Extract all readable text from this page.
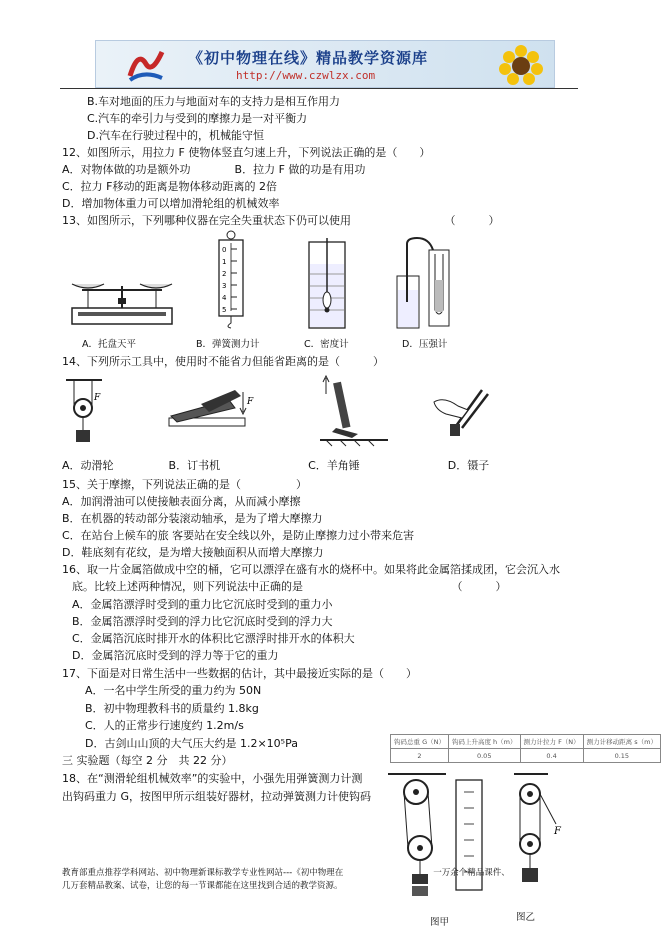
《初中物理在线》精品教学资源库
http://www.czwlzx.com
B.车对地面的压力与地面对车的支持力是相互作用力
C.汽车的牵引力与受到的摩擦力是一对平衡力
D.汽车在行驶过程中的，机械能守恒
12、如图所示，用拉力 F 使物体竖直匀速上升，下列说法正确的是（　　）
A．对物体做的功是额外功　　　　B．拉力 F 做的功是有用功
C．拉力 F移动的距离是物体移动距离的 2倍
D．增加物体重力可以增加滑轮组的机械效率
13、如图所示，下列哪种仪器在完全失重状态下仍可以使用　　　　　　　　　（　　　）
14、下列所示工具中，使用时不能省力但能省距离的是（　　　）
A．动滑轮　　　　　B．订书机　　　　　　　　C．羊角锤　　　　　　　　D．镊子
15、关于摩擦，下列说法正确的是（　　　　　）
A．加润滑油可以使接触表面分离，从而减小摩擦
B．在机器的转动部分装滚动轴承，是为了增大摩擦力
C．在站台上候车的旅 客要站在安全线以外，是防止摩擦力过小带来危害
D．鞋底刻有花纹，是为增大接触面积从而增大摩擦力
16、取一片金属箔做成中空的桶，它可以漂浮在盛有水的烧杯中。如果将此金属箔揉成团，它会沉入水
底。比较上述两种情况，则下列说法中正确的是　　　　　　　　　　　　　　（　　　）
A．金属箔漂浮时受到的重力比它沉底时受到的重力小
B．金属箔漂浮时受到的浮力比它沉底时受到的浮力大
C．金属箔沉底时排开水的体积比它漂浮时排开水的体积大
D．金属箔沉底时受到的浮力等于它的重力
17、下面是对日常生活中一些数据的估计，其中最接近实际的是（　　）
A．一名中学生所受的重力约为 50N
B．初中物理教科书的质量约 1.8kg
C．人的正常步行速度约 1.2m/s
D．古剑山山顶的大气压大约是 1.2×10⁵Pa
三 实验题（每空 2 分　共 22 分）
18、在“测滑轮组机械效率”的实验中，小强先用弹簧测力计测
出钩码重力 G，按图甲所示组装好器材，拉动弹簧测力计使钩码
0
1
2
3
4
5
A．托盘天平	B．弹簧测力计	C．密度计	D．压强计
F	F
钩码总重 G（N）	钩码上升高度 h（m）	测力计拉力 F（N）	测力计移动距离 s（m）
2	0.05	0.4	0.15
F
图甲	图乙
教育部重点推荐学科网站、初中物理新课标教学专业性网站---《初中物理在	一万余个精品课件、
几万套精品教案、试卷，让您的每一节课都能在这里找到合适的教学资源。
